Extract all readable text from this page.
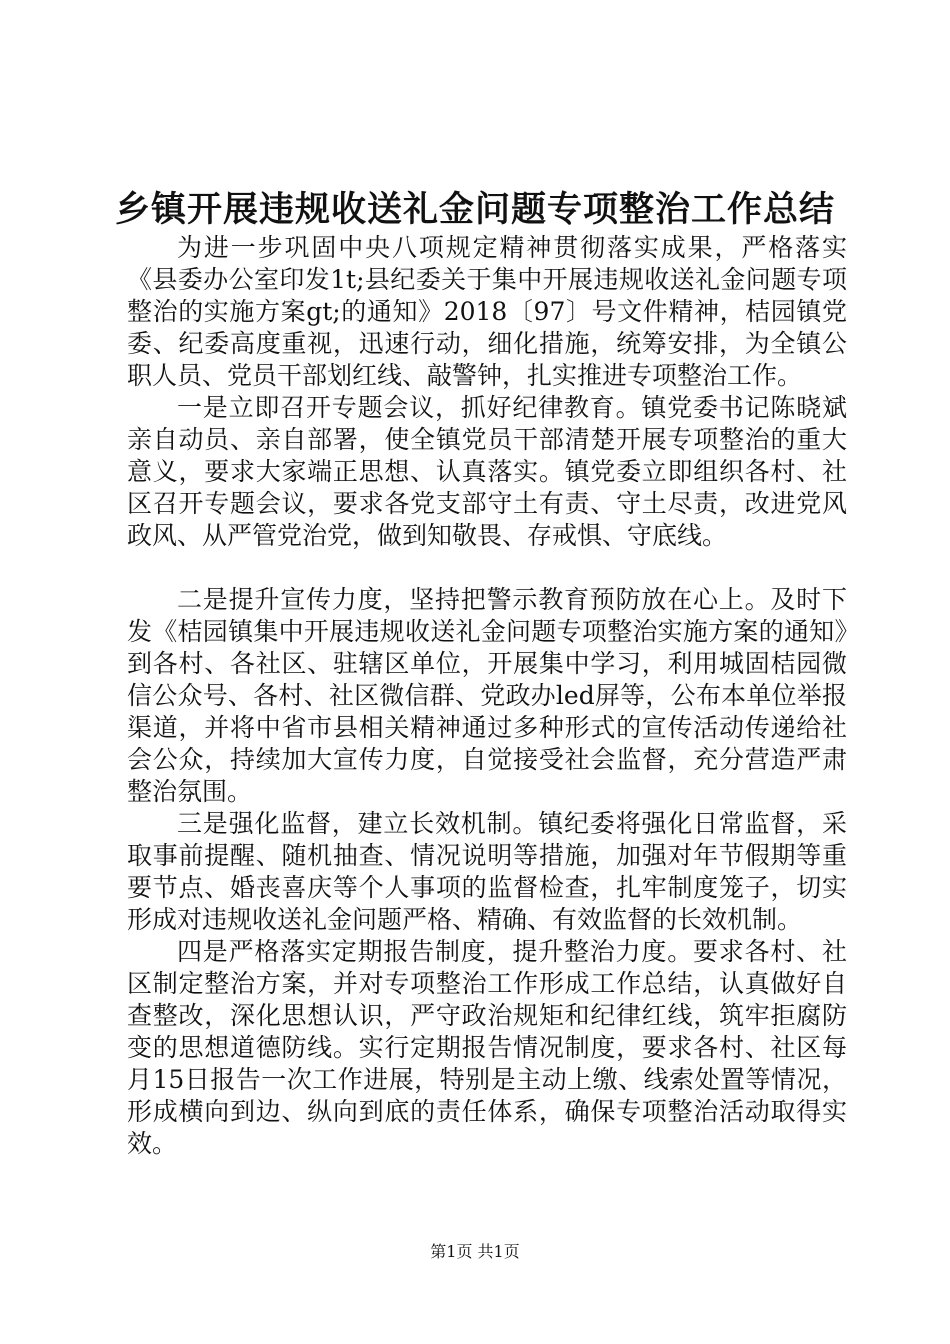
乡镇开展违规收送礼金问题专项整治工作总结

为进一步巩固中央八项规定精神贯彻落实成果，严格落实《县委办公室印发1t;县纪委关于集中开展违规收送礼金问题专项整治的实施方案gt;的通知》2018〔97〕号文件精神，桔园镇党委、纪委高度重视，迅速行动，细化措施，统筹安排，为全镇公职人员、党员干部划红线、敲警钟，扎实推进专项整治工作。

一是立即召开专题会议，抓好纪律教育。镇党委书记陈晓斌亲自动员、亲自部署，使全镇党员干部清楚开展专项整治的重大意义，要求大家端正思想、认真落实。镇党委立即组织各村、社区召开专题会议，要求各党支部守土有责、守土尽责，改进党风政风、从严管党治党，做到知敬畏、存戒惧、守底线。

二是提升宣传力度，坚持把警示教育预防放在心上。及时下发《桔园镇集中开展违规收送礼金问题专项整治实施方案的通知》到各村、各社区、驻辖区单位，开展集中学习，利用城固桔园微信公众号、各村、社区微信群、党政办led屏等，公布本单位举报渠道，并将中省市县相关精神通过多种形式的宣传活动传递给社会公众，持续加大宣传力度，自觉接受社会监督，充分营造严肃整治氛围。

三是强化监督，建立长效机制。镇纪委将强化日常监督，采取事前提醒、随机抽查、情况说明等措施，加强对年节假期等重要节点、婚丧喜庆等个人事项的监督检查，扎牢制度笼子，切实形成对违规收送礼金问题严格、精确、有效监督的长效机制。

四是严格落实定期报告制度，提升整治力度。要求各村、社区制定整治方案，并对专项整治工作形成工作总结，认真做好自查整改，深化思想认识，严守政治规矩和纪律红线，筑牢拒腐防变的思想道德防线。实行定期报告情况制度，要求各村、社区每月15日报告一次工作进展，特别是主动上缴、线索处置等情况，形成横向到边、纵向到底的责任体系，确保专项整治活动取得实效。

第1页 共1页
